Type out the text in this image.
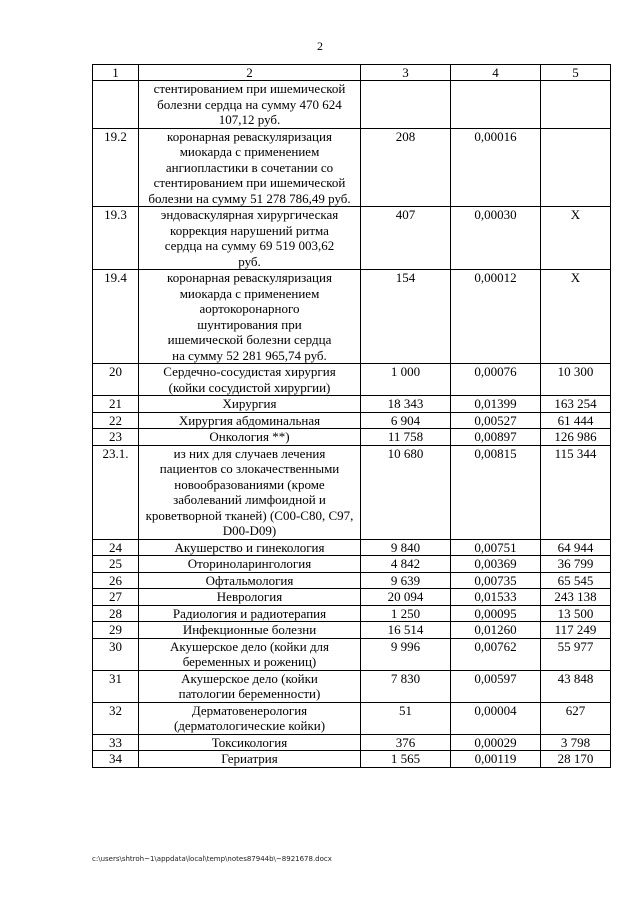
2
1	2	3	4	5
	стентированием при ишемической болезни сердца на сумму 470 624 107,12 руб.			
19.2	коронарная реваскуляризация миокарда с применением ангиопластики в сочетании со стентированием при ишемической болезни на сумму 51 278 786,49 руб.	208	0,00016	
19.3	эндоваскулярная хирургическая коррекция нарушений ритма сердца на сумму 69 519 003,62 руб.	407	0,00030	Х
19.4	коронарная реваскуляризация миокарда с применением аортокоронарного шунтирования при ишемической болезни сердца на сумму 52 281 965,74 руб.	154	0,00012	Х
20	Сердечно-сосудистая хирургия (койки сосудистой хирургии)	1 000	0,00076	10 300
21	Хирургия	18 343	0,01399	163 254
22	Хирургия абдоминальная	6 904	0,00527	61 444
23	Онкология **)	11 758	0,00897	126 986
23.1.	из них для случаев лечения пациентов со злокачественными новообразованиями (кроме заболеваний лимфоидной и кроветворной тканей) (C00-C80, C97, D00-D09)	10 680	0,00815	115 344
24	Акушерство и гинекология	9 840	0,00751	64 944
25	Оториноларингология	4 842	0,00369	36 799
26	Офтальмология	9 639	0,00735	65 545
27	Неврология	20 094	0,01533	243 138
28	Радиология и радиотерапия	1 250	0,00095	13 500
29	Инфекционные болезни	16 514	0,01260	117 249
30	Акушерское дело (койки для беременных и рожениц)	9 996	0,00762	55 977
31	Акушерское дело (койки патологии беременности)	7 830	0,00597	43 848
32	Дерматовенерология (дерматологические койки)	51	0,00004	627
33	Токсикология	376	0,00029	3 798
34	Гериатрия	1 565	0,00119	28 170
c:\users\shtroh~1\appdata\local\temp\notes87944b\~8921678.docx
